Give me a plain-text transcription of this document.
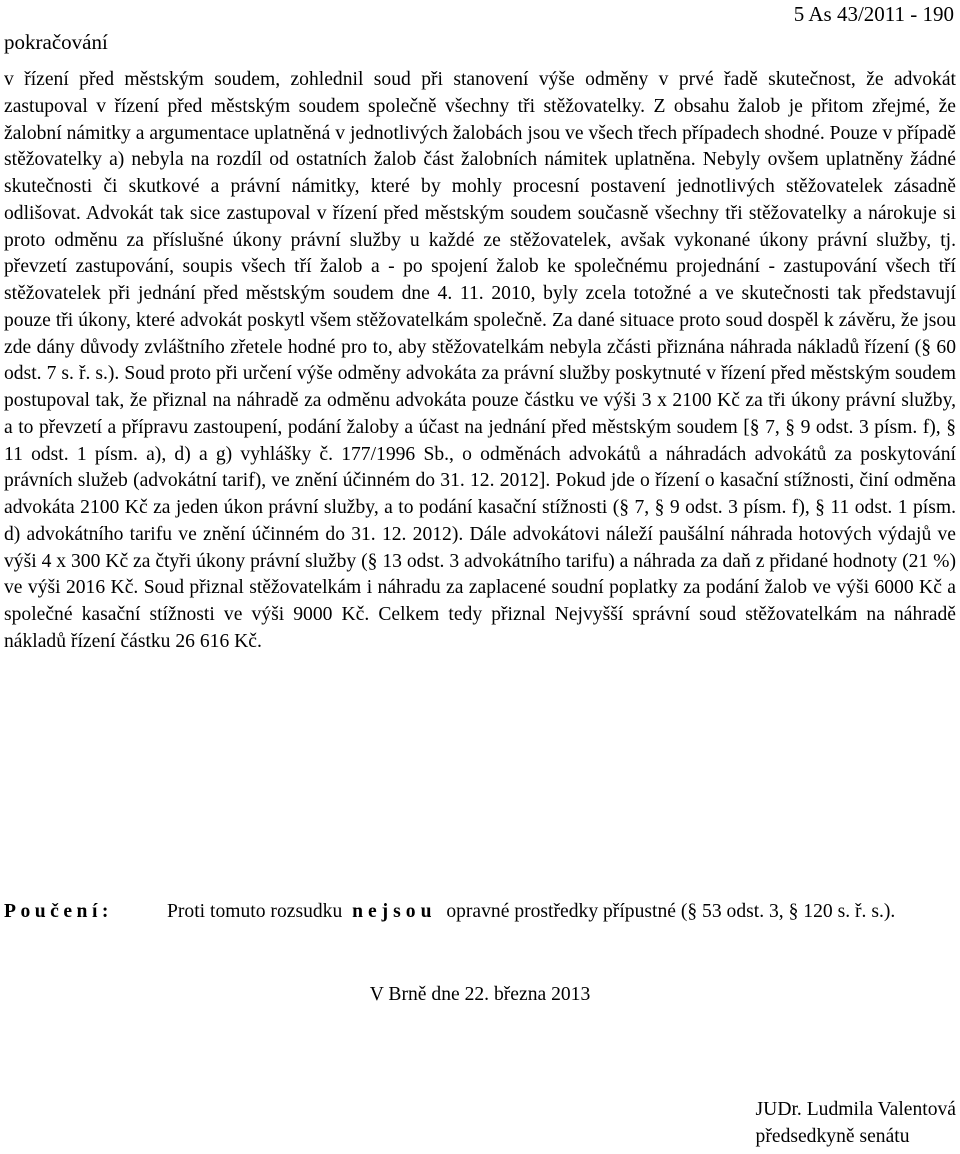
5 As 43/2011 - 190
pokračování

v řízení před městským soudem, zohlednil soud při stanovení výše odměny v prvé řadě skutečnost, že advokát zastupoval v řízení před městským soudem společně všechny tři stěžovatelky. Z obsahu žalob je přitom zřejmé, že žalobní námitky a argumentace uplatněná v jednotlivých žalobách jsou ve všech třech případech shodné. Pouze v případě stěžovatelky a) nebyla na rozdíl od ostatních žalob část žalobních námitek uplatněna. Nebyly ovšem uplatněny žádné skutečnosti či skutkové a právní námitky, které by mohly procesní postavení jednotlivých stěžovatelek zásadně odlišovat. Advokát tak sice zastupoval v řízení před městským soudem současně všechny tři stěžovatelky a nárokuje si proto odměnu za příslušné úkony právní služby u každé ze stěžovatelek, avšak vykonané úkony právní služby, tj. převzetí zastupování, soupis všech tří žalob a - po spojení žalob ke společnému projednání - zastupování všech tří stěžovatelek při jednání před městským soudem dne 4. 11. 2010, byly zcela totožné a ve skutečnosti tak představují pouze tři úkony, které advokát poskytl všem stěžovatelkám společně. Za dané situace proto soud dospěl k závěru, že jsou zde dány důvody zvláštního zřetele hodné pro to, aby stěžovatelkám nebyla zčásti přiznána náhrada nákladů řízení (§ 60 odst. 7 s. ř. s.). Soud proto při určení výše odměny advokáta za právní služby poskytnuté v řízení před městským soudem postupoval tak, že přiznal na náhradě za odměnu advokáta pouze částku ve výši 3 x 2100 Kč za tři úkony právní služby, a to převzetí a přípravu zastoupení, podání žaloby a účast na jednání před městským soudem [§ 7, § 9 odst. 3 písm. f), § 11 odst. 1 písm. a), d) a g) vyhlášky č. 177/1996 Sb., o odměnách advokátů a náhradách advokátů za poskytování právních služeb (advokátní tarif), ve znění účinném do 31. 12. 2012]. Pokud jde o řízení o kasační stížnosti, činí odměna advokáta 2100 Kč za jeden úkon právní služby, a to podání kasační stížnosti (§ 7, § 9 odst. 3 písm. f), § 11 odst. 1 písm. d) advokátního tarifu ve znění účinném do 31. 12. 2012). Dále advokátovi náleží paušální náhrada hotových výdajů ve výši 4 x 300 Kč za čtyři úkony právní služby (§ 13 odst. 3 advokátního tarifu) a náhrada za daň z přidané hodnoty (21 %) ve výši 2016 Kč. Soud přiznal stěžovatelkám i náhradu za zaplacené soudní poplatky za podání žalob ve výši 6000 Kč a společné kasační stížnosti ve výši 9000 Kč. Celkem tedy přiznal Nejvyšší správní soud stěžovatelkám na náhradě nákladů řízení částku 26 616 Kč.

Poučení:	Proti tomuto rozsudku nejsou opravné prostředky přípustné (§ 53 odst. 3, § 120 s. ř. s.).
V Brně dne 22. března 2013
JUDr. Ludmila Valentová
předsedkyně senátu
